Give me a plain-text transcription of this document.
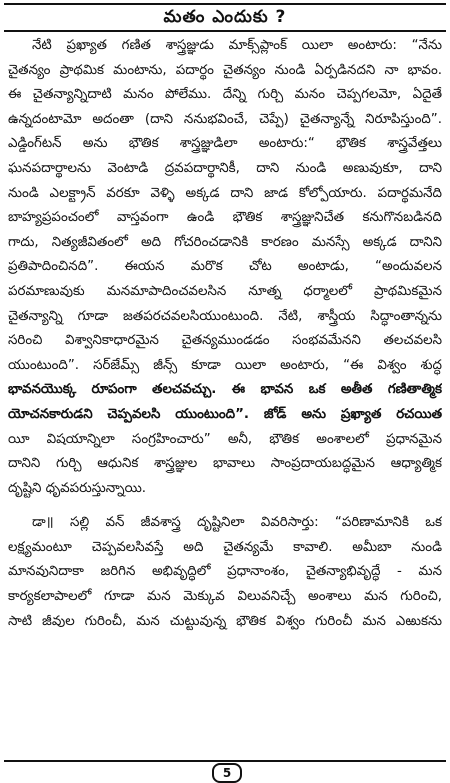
మతం ఎందుకు ?
నేటి ప్రఖ్యాత గణిత శాస్త్రజ్ఞుడు మాక్స్‌ప్లాంక్ యిలా అంటారు: “నేను
చైతన్యం ప్రాథమిక మంటాను, పదార్థం చైతన్యం నుండి ఏర్పడినదని నా భావం.
ఈ చైతన్యాన్నిదాటి మనం పోలేము. దేన్ని గుర్చి మనం చెప్పగలమో, ఏదైతే
ఉన్నదంటామో అదంతా (దాని ననుభవించే, చెప్పే) చైతన్యాన్నే నిరూపిస్తుంది”.
ఎడ్డింగ్‌టన్ అను భౌతిక శాస్త్రజ్ఞుడిలా అంటారు:“ భౌతిక శాస్త్రవేత్తలు
ఘనపదార్థాలను వెంటాడి ద్రవపదార్థానికీ, దాని నుండి అణువుకూ, దాని
నుండి ఎలక్ట్రాన్ వరకూ వెళ్ళి అక్కడ దాని జాడ కోల్పోయారు. పదార్థమనేది
బాహ్యప్రపంచంలో వాస్తవంగా ఉండి భౌతిక శాస్త్రజ్ఞునిచేత కనుగొనబడినది
గాదు, నిత్యజీవితంలో అది గోచరించడానికి కారణం మనస్సే అక్కడ దానిని
ప్రతిపాదించినది”. ఈయన మరొక చోట అంటాడు, “అందువలన
పరమాణువుకు మనమాపాదించవలసిన నూత్న ధర్మాలలో ప్రాథమికమైన
చైతన్యాన్ని గూడా జతపరచవలసియుంటుంది. నేటి, శాస్త్రీయ సిద్ధాంతాన్నను
సరించి విశ్వానికాధారమైన చైతన్యముండడం సంభవమేనని తలచవలసి
యుంటుంది”. సర్‌జేమ్స్ జీన్స్ కూడా యిలా అంటారు, “ఈ విశ్వం శుద్ధ
భావనయొక్క రూపంగా తలచవచ్చు. ఈ భావన ఒక అతీత గణితాత్మిక
యోచనకారుడని చెప్పవలసి యుంటుంది”. జోడ్ అను ప్రఖ్యాత రచయిత
యీ విషయాన్నిలా సంగ్రహించారు” అనీ, భౌతిక అంశాలలో ప్రధానమైన
దానిని గుర్చి ఆధునిక శాస్త్రజ్ఞుల భావాలు సాంప్రదాయబద్ధమైన ఆధ్యాత్మిక
దృష్టిని ధృవపరుస్తున్నాయి.
డా॥ సల్లి వన్ జీవశాస్త్ర దృష్టినిలా వివరిసార్తు: “పరిణామానికి ఒక
లక్ష్యమంటూ చెప్పవలసివస్తే అది చైతన్యమే కావాలి. అమీబా నుండి
మానవునిదాకా జరిగిన అభివృద్ధిలో ప్రధానాంశం, చైతన్యాభివృద్ధే - మన
కార్యకలాపాలలో గూడా మన మెక్కువ విలువనిచ్చే అంశాలు మన గురించి,
సాటి జీవుల గురించీ, మన చుట్టువున్న భౌతిక విశ్వం గురించీ మన ఎఱుకను
5
